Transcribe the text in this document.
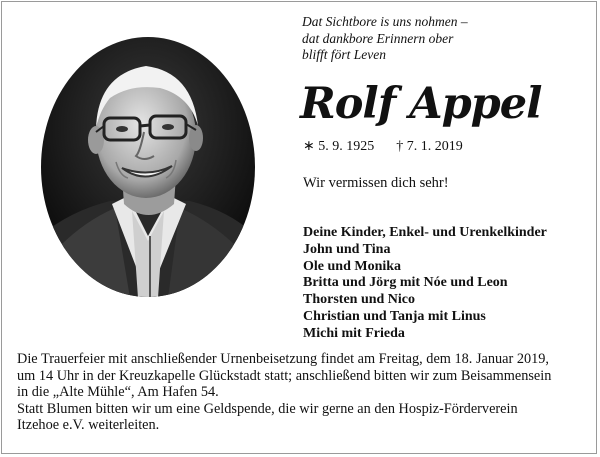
Dat Sichtbore is uns nohmen –
dat dankbore Erinnern ober
blifft fört Leven
Rolf Appel
∗ 5. 9. 1925 † 7. 1. 2019
Wir vermissen dich sehr!
Deine Kinder, Enkel- und Urenkelkinder
John und Tina
Ole und Monika
Britta und Jörg mit Nóe und Leon
Thorsten und Nico
Christian und Tanja mit Linus
Michi mit Frieda
Die Trauerfeier mit anschließender Urnenbeisetzung findet am Freitag, dem 18. Januar 2019,
um 14 Uhr in der Kreuzkapelle Glückstadt statt; anschließend bitten wir zum Beisammensein
in die „Alte Mühle“, Am Hafen 54.
Statt Blumen bitten wir um eine Geldspende, die wir gerne an den Hospiz-Förderverein
Itzehoe e.V. weiterleiten.
